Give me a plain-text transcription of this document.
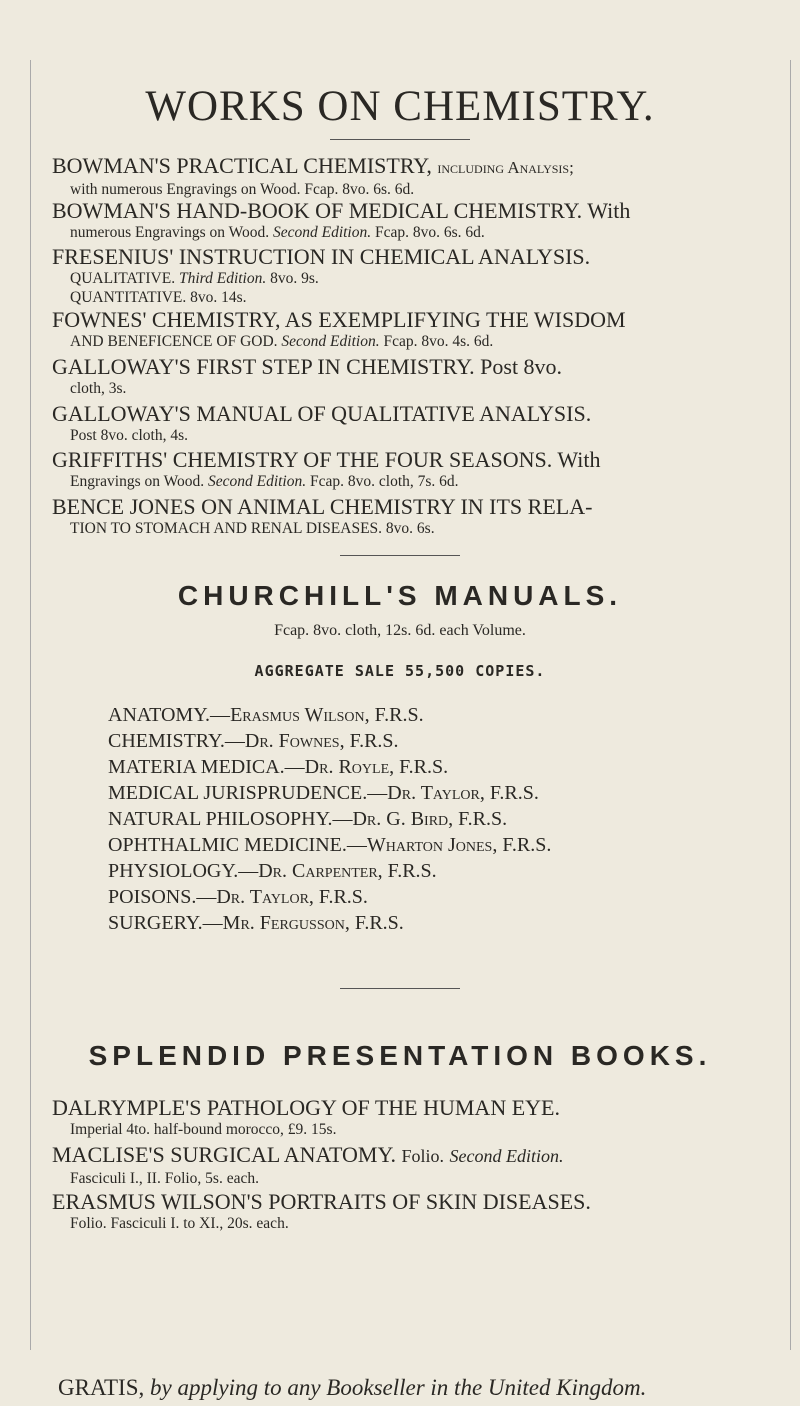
WORKS ON CHEMISTRY.
BOWMAN'S PRACTICAL CHEMISTRY, including Analysis;
with numerous Engravings on Wood. Fcap. 8vo. 6s. 6d.
BOWMAN'S HAND-BOOK OF MEDICAL CHEMISTRY. With
numerous Engravings on Wood. Second Edition. Fcap. 8vo. 6s. 6d.
FRESENIUS' INSTRUCTION IN CHEMICAL ANALYSIS.
QUALITATIVE. Third Edition. 8vo. 9s.
QUANTITATIVE. 8vo. 14s.
FOWNES' CHEMISTRY, AS EXEMPLIFYING THE WISDOM
AND BENEFICENCE OF GOD. Second Edition. Fcap. 8vo. 4s. 6d.
GALLOWAY'S FIRST STEP IN CHEMISTRY. Post 8vo.
cloth, 3s.
GALLOWAY'S MANUAL OF QUALITATIVE ANALYSIS.
Post 8vo. cloth, 4s.
GRIFFITHS' CHEMISTRY OF THE FOUR SEASONS. With
Engravings on Wood. Second Edition. Fcap. 8vo. cloth, 7s. 6d.
BENCE JONES ON ANIMAL CHEMISTRY IN ITS RELA-
TION TO STOMACH AND RENAL DISEASES. 8vo. 6s.
CHURCHILL'S MANUALS.
Fcap. 8vo. cloth, 12s. 6d. each Volume.
AGGREGATE SALE 55,500 COPIES.
ANATOMY.—Erasmus Wilson, F.R.S.
CHEMISTRY.—Dr. Fownes, F.R.S.
MATERIA MEDICA.—Dr. Royle, F.R.S.
MEDICAL JURISPRUDENCE.—Dr. Taylor, F.R.S.
NATURAL PHILOSOPHY.—Dr. G. Bird, F.R.S.
OPHTHALMIC MEDICINE.—Wharton Jones, F.R.S.
PHYSIOLOGY.—Dr. Carpenter, F.R.S.
POISONS.—Dr. Taylor, F.R.S.
SURGERY.—Mr. Fergusson, F.R.S.
SPLENDID PRESENTATION BOOKS.
DALRYMPLE'S PATHOLOGY OF THE HUMAN EYE.
Imperial 4to. half-bound morocco, £9. 15s.
MACLISE'S SURGICAL ANATOMY. Folio. Second Edition.
Fasciculi I., II. Folio, 5s. each.
ERASMUS WILSON'S PORTRAITS OF SKIN DISEASES.
Folio. Fasciculi I. to XI., 20s. each.
GRATIS, by applying to any Bookseller in the United Kingdom.
